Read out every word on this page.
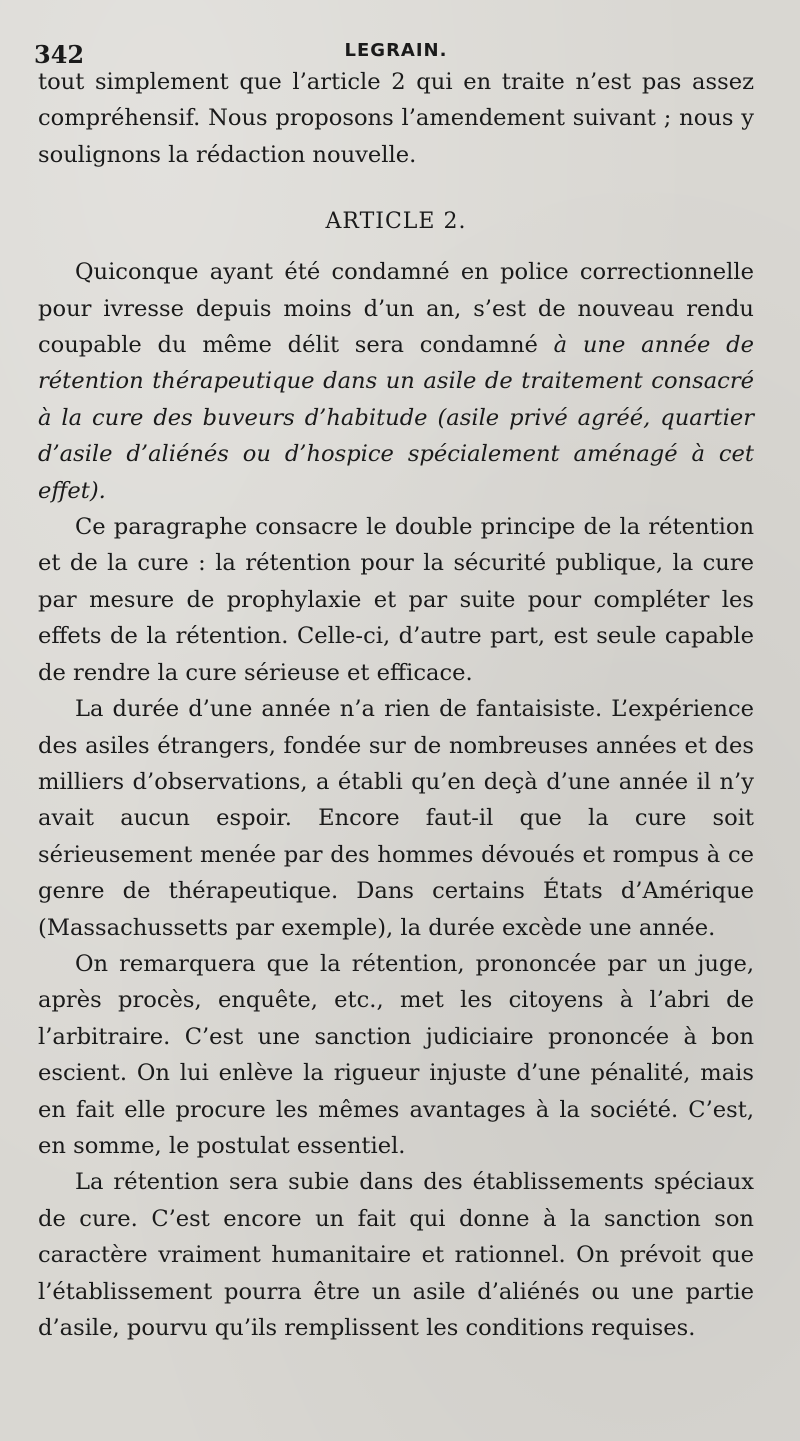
342	LEGRAIN.

tout simplement que l’article 2 qui en traite n’est pas assez compréhensif. Nous proposons l’amendement suivant ; nous y soulignons la rédaction nouvelle.

ARTICLE 2.

Quiconque ayant été condamné en police correctionnelle pour ivresse depuis moins d’un an, s’est de nouveau rendu coupable du même délit sera condamné à une année de rétention thérapeutique dans un asile de traitement consacré à la cure des buveurs d’habitude (asile privé agréé, quartier d’asile d’aliénés ou d’hospice spécialement aménagé à cet effet).

Ce paragraphe consacre le double principe de la rétention et de la cure : la rétention pour la sécurité publique, la cure par mesure de prophylaxie et par suite pour compléter les effets de la rétention. Celle-ci, d’autre part, est seule capable de rendre la cure sérieuse et efficace.

La durée d’une année n’a rien de fantaisiste. L’expérience des asiles étrangers, fondée sur de nombreuses années et des milliers d’observations, a établi qu’en deçà d’une année il n’y avait aucun espoir. Encore faut-il que la cure soit sérieusement menée par des hommes dévoués et rompus à ce genre de thérapeutique. Dans certains États d’Amérique (Massachussetts par exemple), la durée excède une année.

On remarquera que la rétention, prononcée par un juge, après procès, enquête, etc., met les citoyens à l’abri de l’arbitraire. C’est une sanction judiciaire prononcée à bon escient. On lui enlève la rigueur injuste d’une pénalité, mais en fait elle procure les mêmes avantages à la société. C’est, en somme, le postulat essentiel.

La rétention sera subie dans des établissements spéciaux de cure. C’est encore un fait qui donne à la sanction son caractère vraiment humanitaire et rationnel. On prévoit que l’établissement pourra être un asile d’aliénés ou une partie d’asile, pourvu qu’ils remplissent les conditions requises.
